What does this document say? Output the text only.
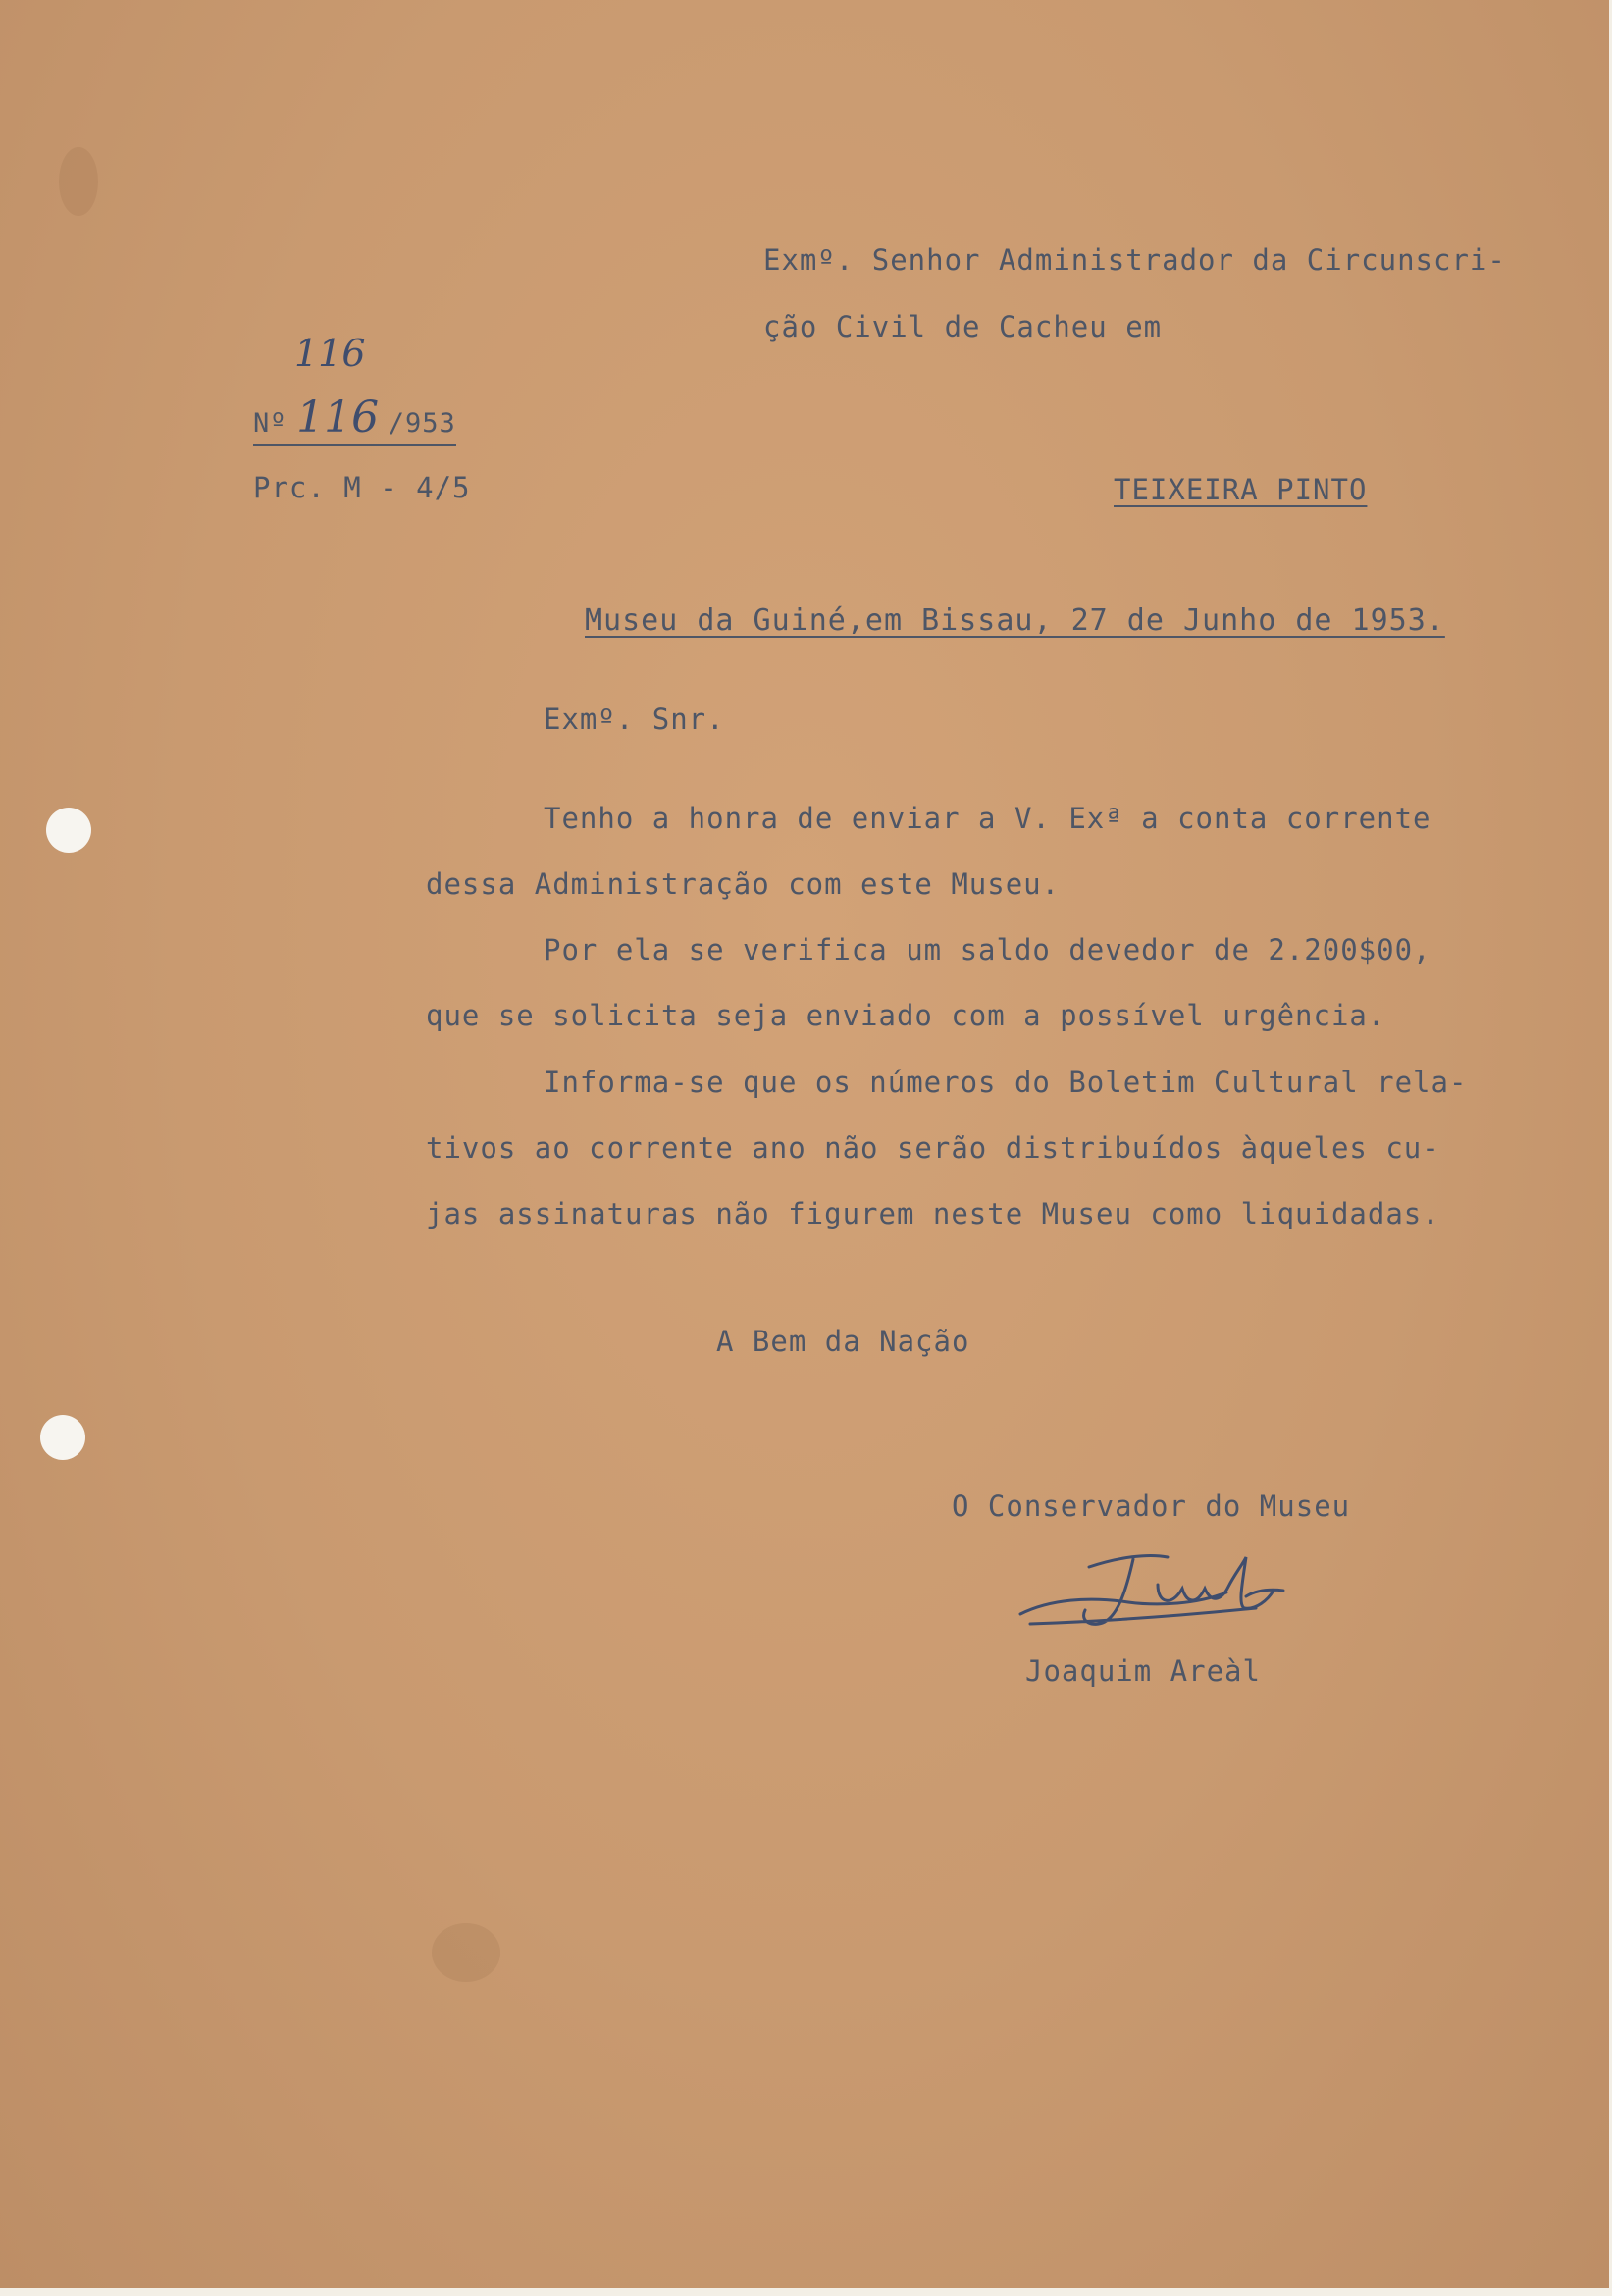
Exmº. Senhor Administrador da Circunscri-

ção Civil de Cacheu em

116
Nº 116 /953

Prc. M - 4/5	TEIXEIRA PINTO

Museu da Guiné,em Bissau, 27 de Junho de 1953.

Exmº. Snr.

Tenho a honra de enviar a V. Exª a conta corrente

dessa Administração com este Museu.

Por ela se verifica um saldo devedor de 2.200$00,

que se solicita seja enviado com a possível urgência.

Informa-se que os números do Boletim Cultural rela-

tivos ao corrente ano não serão distribuídos àqueles cu-

jas assinaturas não figurem neste Museu como liquidadas.

A Bem da Nação

O Conservador do Museu

Joaquim Areàl
